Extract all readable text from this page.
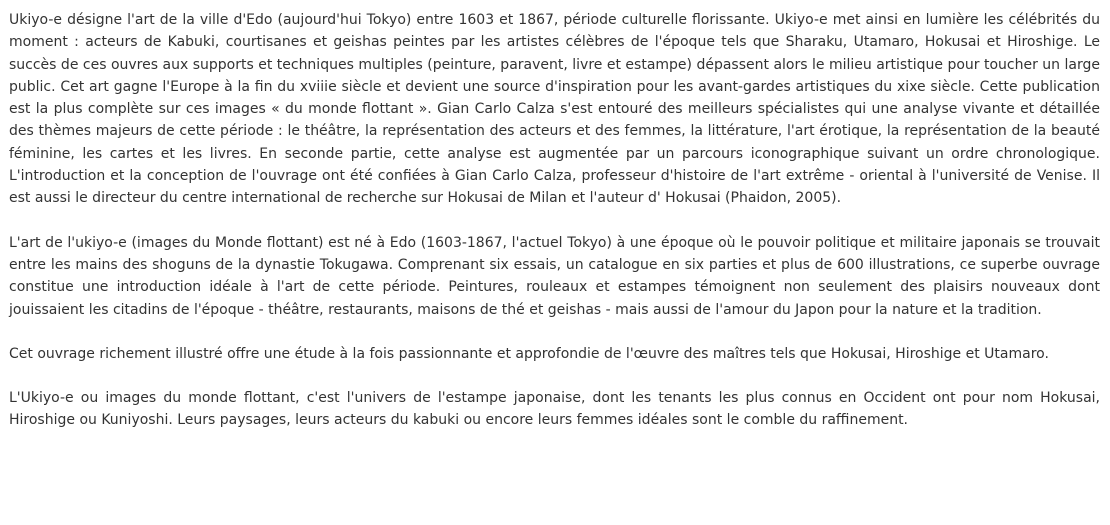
Ukiyo-e désigne l'art de la ville d'Edo (aujourd'hui Tokyo) entre 1603 et 1867, période culturelle florissante. Ukiyo-e met ainsi en lumière les célébrités du moment : acteurs de Kabuki, courtisanes et geishas peintes par les artistes célèbres de l'époque tels que Sharaku, Utamaro, Hokusai et Hiroshige. Le succès de ces ouvres aux supports et techniques multiples (peinture, paravent, livre et estampe) dépassent alors le milieu artistique pour toucher un large public. Cet art gagne l'Europe à la fin du xviiie siècle et devient une source d'inspiration pour les avant-gardes artistiques du xixe siècle. Cette publication est la plus complète sur ces images « du monde flottant ». Gian Carlo Calza s'est entouré des meilleurs spécialistes qui une analyse vivante et détaillée des thèmes majeurs de cette période : le théâtre, la représentation des acteurs et des femmes, la littérature, l'art érotique, la représentation de la beauté féminine, les cartes et les livres. En seconde partie, cette analyse est augmentée par un parcours iconographique suivant un ordre chronologique. L'introduction et la conception de l'ouvrage ont été confiées à Gian Carlo Calza, professeur d'histoire de l'art extrême - oriental à l'université de Venise. Il est aussi le directeur du centre international de recherche sur Hokusai de Milan et l'auteur d' Hokusai (Phaidon, 2005).

L'art de l'ukiyo-e (images du Monde flottant) est né à Edo (1603-1867, l'actuel Tokyo) à une époque où le pouvoir politique et militaire japonais se trouvait entre les mains des shoguns de la dynastie Tokugawa. Comprenant six essais, un catalogue en six parties et plus de 600 illustrations, ce superbe ouvrage constitue une introduction idéale à l'art de cette période. Peintures, rouleaux et estampes témoignent non seulement des plaisirs nouveaux dont jouissaient les citadins de l'époque - théâtre, restaurants, maisons de thé et geishas - mais aussi de l'amour du Japon pour la nature et la tradition.

Cet ouvrage richement illustré offre une étude à la fois passionnante et approfondie de l'œuvre des maîtres tels que Hokusai, Hiroshige et Utamaro.

L'Ukiyo-e ou images du monde flottant, c'est l'univers de l'estampe japonaise, dont les tenants les plus connus en Occident ont pour nom Hokusai, Hiroshige ou Kuniyoshi. Leurs paysages, leurs acteurs du kabuki ou encore leurs femmes idéales sont le comble du raffinement.
